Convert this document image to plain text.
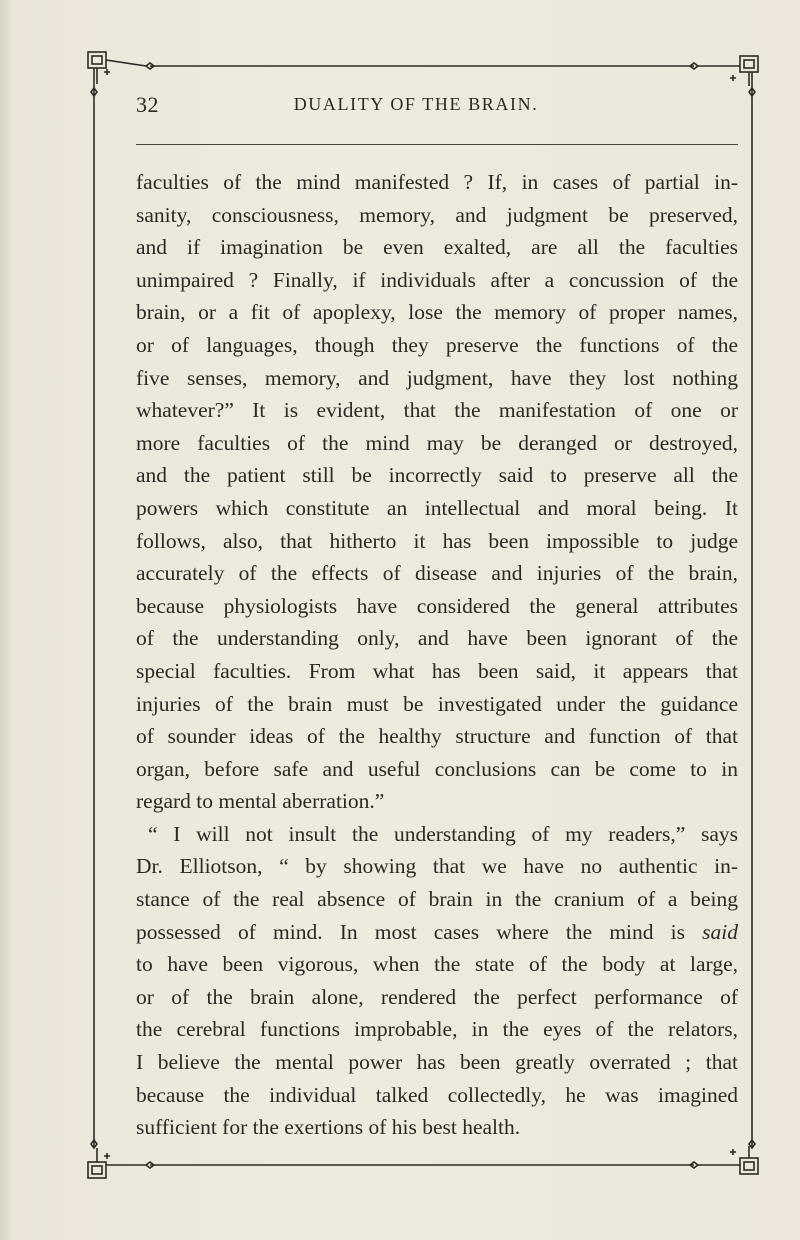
32	DUALITY OF THE BRAIN.
faculties of the mind manifested ? If, in cases of partial in-
sanity, consciousness, memory, and judgment be preserved,
and if imagination be even exalted, are all the faculties
unimpaired ? Finally, if individuals after a concussion of the
brain, or a fit of apoplexy, lose the memory of proper names,
or of languages, though they preserve the functions of the
five senses, memory, and judgment, have they lost nothing
whatever?” It is evident, that the manifestation of one or
more faculties of the mind may be deranged or destroyed,
and the patient still be incorrectly said to preserve all the
powers which constitute an intellectual and moral being. It
follows, also, that hitherto it has been impossible to judge
accurately of the effects of disease and injuries of the brain,
because physiologists have considered the general attributes
of the understanding only, and have been ignorant of the
special faculties. From what has been said, it appears that
injuries of the brain must be investigated under the guidance
of sounder ideas of the healthy structure and function of that
organ, before safe and useful conclusions can be come to in
regard to mental aberration.”
“ I will not insult the understanding of my readers,” says
Dr. Elliotson, “ by showing that we have no authentic in-
stance of the real absence of brain in the cranium of a being
possessed of mind. In most cases where the mind is said
to have been vigorous, when the state of the body at large,
or of the brain alone, rendered the perfect performance of
the cerebral functions improbable, in the eyes of the relators,
I believe the mental power has been greatly overrated ; that
because the individual talked collectedly, he was imagined
sufficient for the exertions of his best health.
